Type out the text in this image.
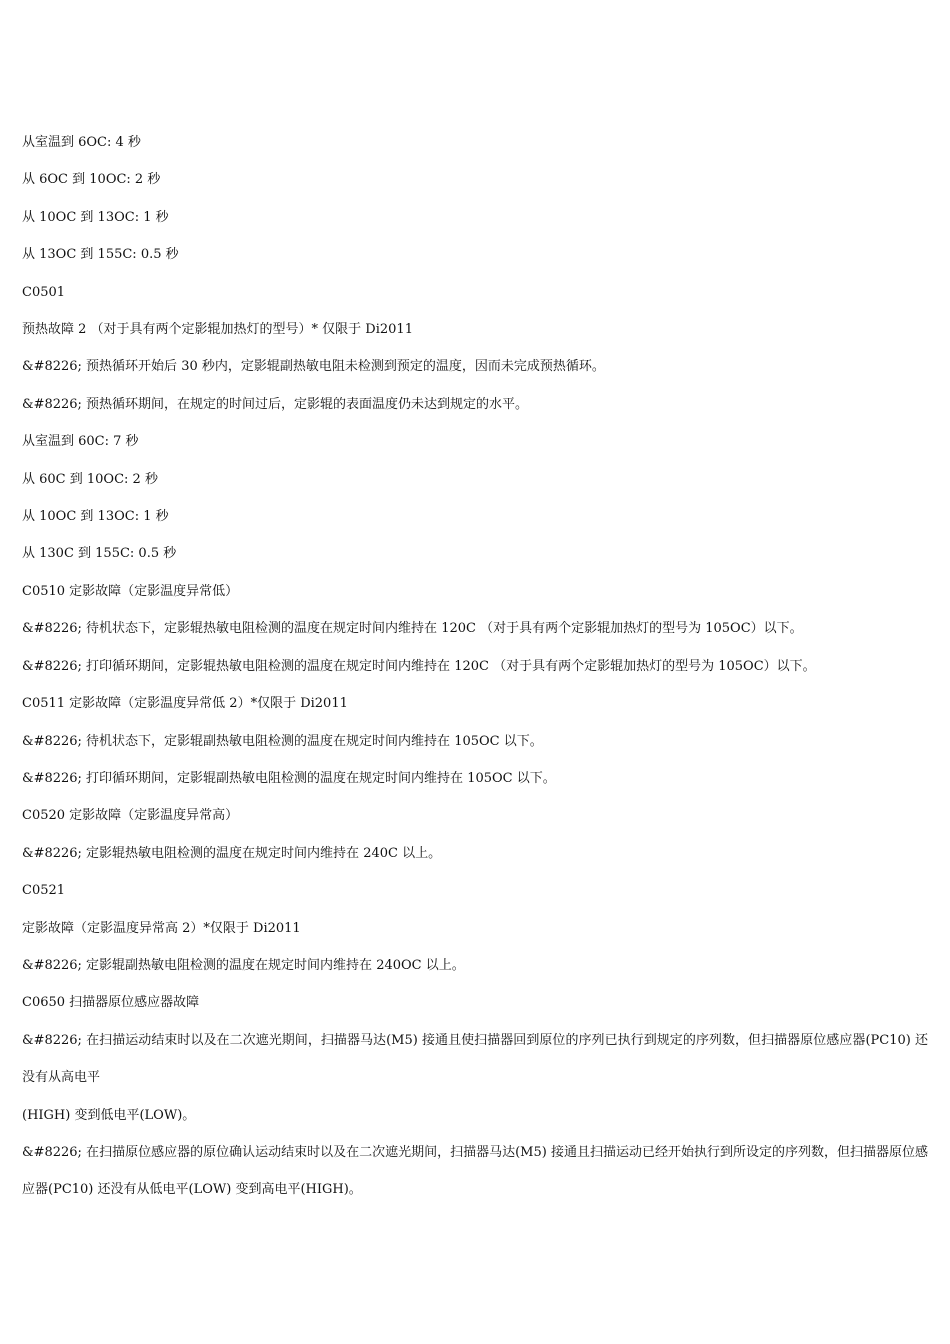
从室温到 6OC: 4 秒

从 6OC 到 10OC: 2 秒

从 10OC 到 13OC: 1 秒

从 13OC 到 155C: 0.5 秒

C0501

预热故障 2 （对于具有两个定影辊加热灯的型号）* 仅限于 Di2011

&#8226; 预热循环开始后 30 秒内，定影辊副热敏电阻未检测到预定的温度，因而未完成预热循环。

&#8226; 预热循环期间，在规定的时间过后，定影辊的表面温度仍未达到规定的水平。

从室温到 60C: 7 秒

从 60C 到 10OC: 2 秒

从 10OC 到 13OC: 1 秒

从 130C 到 155C: 0.5 秒

C0510 定影故障（定影温度异常低）

&#8226; 待机状态下，定影辊热敏电阻检测的温度在规定时间内维持在 120C （对于具有两个定影辊加热灯的型号为 105OC）以下。

&#8226; 打印循环期间，定影辊热敏电阻检测的温度在规定时间内维持在 120C （对于具有两个定影辊加热灯的型号为 105OC）以下。

C0511 定影故障（定影温度异常低 2）*仅限于 Di2011

&#8226; 待机状态下，定影辊副热敏电阻检测的温度在规定时间内维持在 105OC 以下。

&#8226; 打印循环期间，定影辊副热敏电阻检测的温度在规定时间内维持在 105OC 以下。

C0520 定影故障（定影温度异常高）

&#8226; 定影辊热敏电阻检测的温度在规定时间内维持在 240C 以上。

C0521

定影故障（定影温度异常高 2）*仅限于 Di2011

&#8226; 定影辊副热敏电阻检测的温度在规定时间内维持在 240OC 以上。

C0650 扫描器原位感应器故障

&#8226; 在扫描运动结束时以及在二次遮光期间，扫描器马达(M5) 接通且使扫描器回到原位的序列已执行到规定的序列数，但扫描器原位感应器(PC10) 还没有从高电平

(HIGH) 变到低电平(LOW)。

&#8226; 在扫描原位感应器的原位确认运动结束时以及在二次遮光期间，扫描器马达(M5) 接通且扫描运动已经开始执行到所设定的序列数，但扫描器原位感应器(PC10) 还没有从低电平(LOW) 变到高电平(HIGH)。
